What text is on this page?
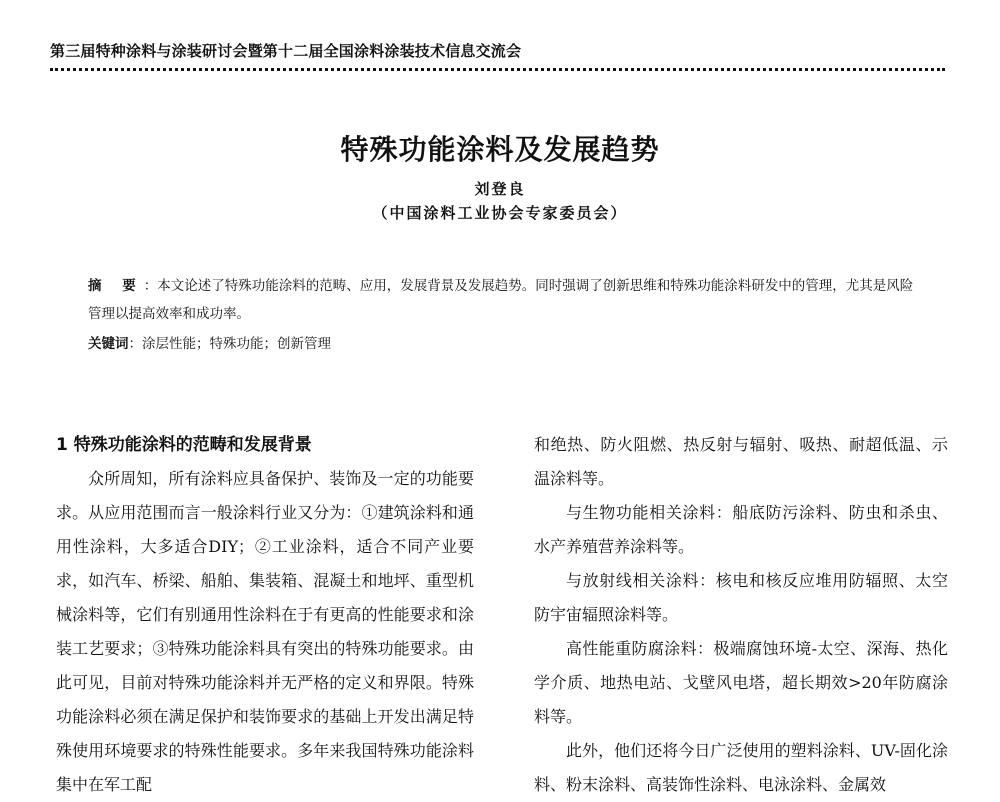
第三届特种涂料与涂装研讨会暨第十二届全国涂料涂装技术信息交流会
特殊功能涂料及发展趋势
刘登良
（中国涂料工业协会专家委员会）

摘 要：本文论述了特殊功能涂料的范畴、应用，发展背景及发展趋势。同时强调了创新思维和特殊功能涂料研发中的管理，尤其是风险管理以提高效率和成功率。

关键词：涂层性能；特殊功能；创新管理
1 特殊功能涂料的范畴和发展背景

众所周知，所有涂料应具备保护、装饰及一定的功能要求。从应用范围而言一般涂料行业又分为：①建筑涂料和通用性涂料，大多适合DIY；②工业涂料，适合不同产业要求，如汽车、桥梁、船舶、集装箱、混凝土和地坪、重型机械涂料等，它们有别通用性涂料在于有更高的性能要求和涂装工艺要求；③特殊功能涂料具有突出的特殊功能要求。由此可见，目前对特殊功能涂料并无严格的定义和界限。特殊功能涂料必须在满足保护和装饰要求的基础上开发出满足特殊使用环境要求的特殊性能要求。多年来我国特殊功能涂料集中在军工配

和绝热、防火阻燃、热反射与辐射、吸热、耐超低温、示温涂料等。

与生物功能相关涂料：船底防污涂料、防虫和杀虫、水产养殖营养涂料等。

与放射线相关涂料：核电和核反应堆用防辐照、太空防宇宙辐照涂料等。

高性能重防腐涂料：极端腐蚀环境-太空、深海、热化学介质、地热电站、戈壁风电塔，超长期效>20年防腐涂料等。

此外，他们还将今日广泛使用的塑料涂料、UV-固化涂料、粉末涂料、高装饰性涂料、电泳涂料、金属效
